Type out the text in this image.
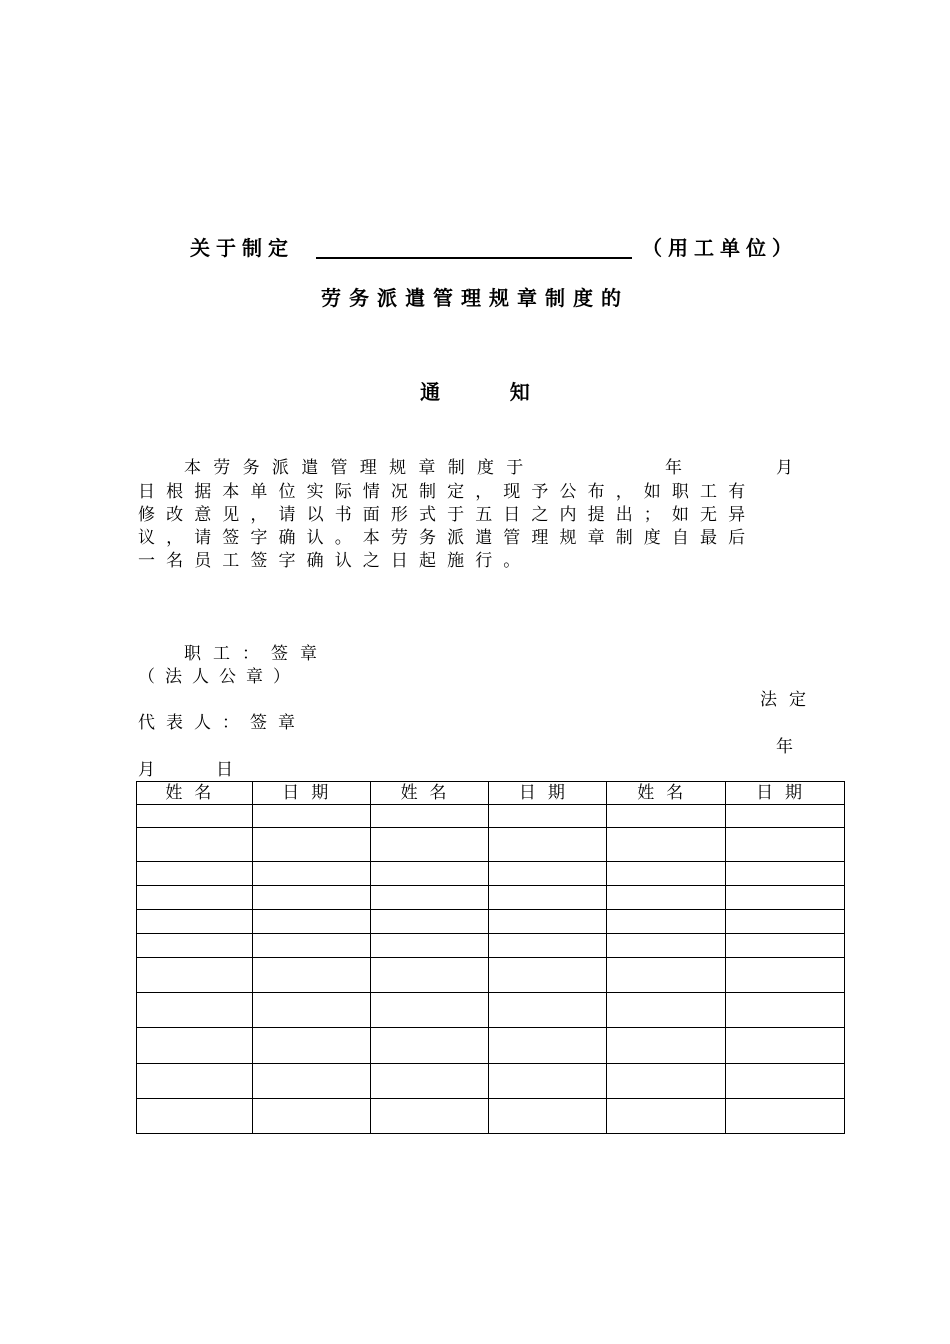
关于制定	（用工单位）
劳务派遣管理规章制度的
通          知
本劳务派遣管理规章制度于	年	月
日根据本单位实际情况制定，现予公布，如职工有
修改意见，请以书面形式于五日之内提出；如无异
议，请签字确认。本劳务派遣管理规章制度自最后
一名员工签字确认之日起施行。
职工：签章
（法人公章）
法定
代表人：签章
年
月	日
姓名	日期	姓名	日期	姓名	日期
